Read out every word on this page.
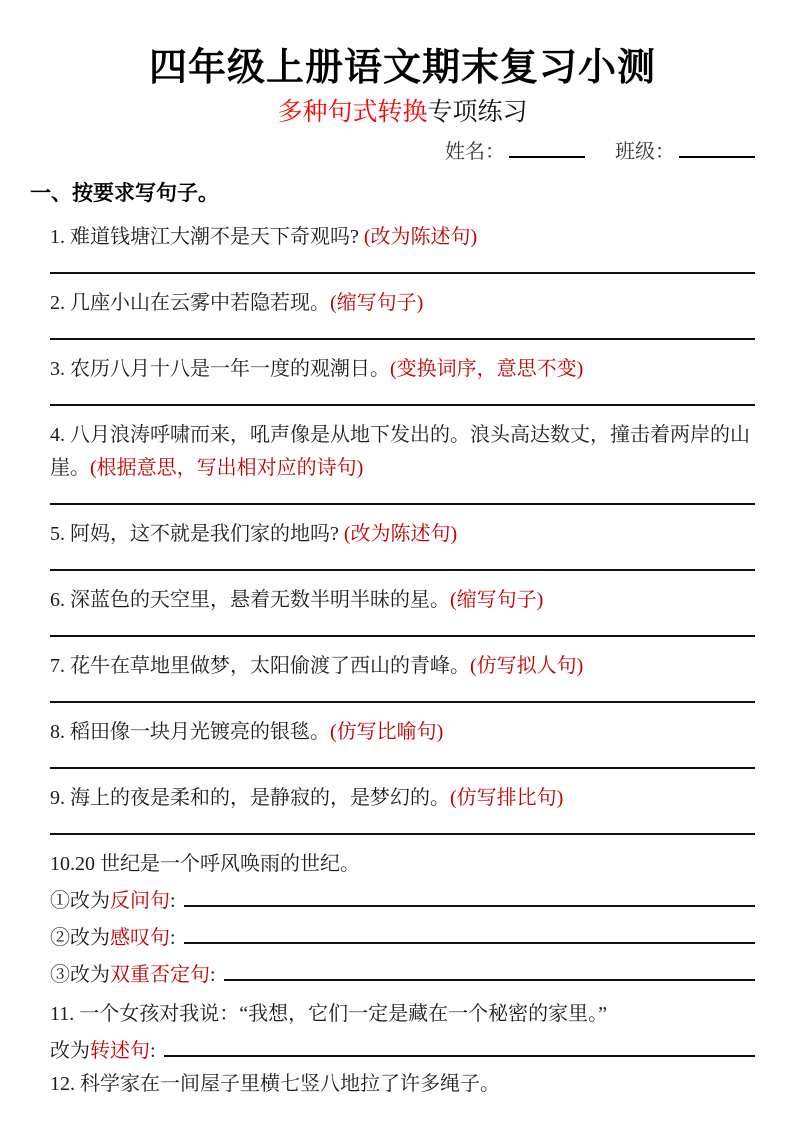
四年级上册语文期末复习小测
多种句式转换专项练习
姓名：	班级：
一、按要求写句子。

1. 难道钱塘江大潮不是天下奇观吗? (改为陈述句)

2. 几座小山在云雾中若隐若现。(缩写句子)

3. 农历八月十八是一年一度的观潮日。(变换词序，意思不变)

4. 八月浪涛呼啸而来，吼声像是从地下发出的。浪头高达数丈，撞击着两岸的山崖。(根据意思，写出相对应的诗句)

5. 阿妈，这不就是我们家的地吗? (改为陈述句)

6. 深蓝色的天空里，悬着无数半明半昧的星。(缩写句子)

7. 花牛在草地里做梦，太阳偷渡了西山的青峰。(仿写拟人句)

8. 稻田像一块月光镀亮的银毯。(仿写比喻句)

9. 海上的夜是柔和的，是静寂的，是梦幻的。(仿写排比句)

10.20 世纪是一个呼风唤雨的世纪。

①改为 反问句 :
②改为 感叹句 :
③改为 双重否定句 :

11. 一个女孩对我说：“我想，它们一定是藏在一个秘密的家里。”

改为 转述句 :

12. 科学家在一间屋子里横七竖八地拉了许多绳子。
